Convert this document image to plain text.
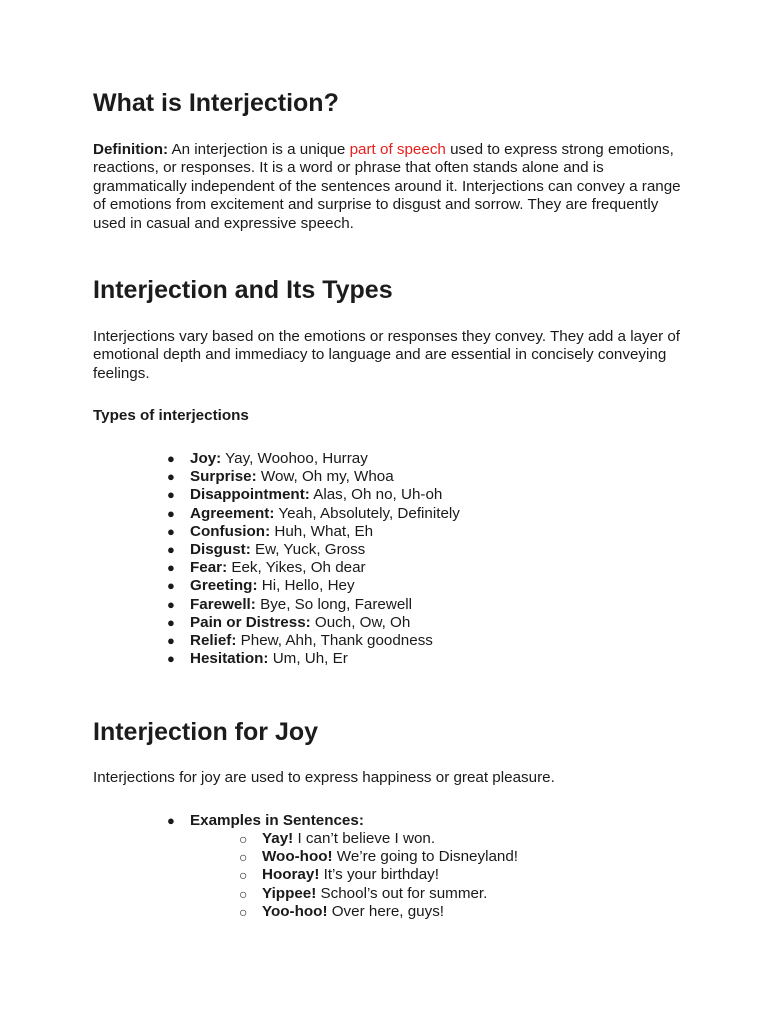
What is Interjection?

Definition: An interjection is a unique part of speech used to express strong emotions, reactions, or responses. It is a word or phrase that often stands alone and is grammatically independent of the sentences around it. Interjections can convey a range of emotions from excitement and surprise to disgust and sorrow. They are frequently used in casual and expressive speech.

Interjection and Its Types

Interjections vary based on the emotions or responses they convey. They add a layer of emotional depth and immediacy to language and are essential in concisely conveying feelings.

Types of interjections

● Joy: Yay, Woohoo, Hurray
● Surprise: Wow, Oh my, Whoa
● Disappointment: Alas, Oh no, Uh-oh
● Agreement: Yeah, Absolutely, Definitely
● Confusion: Huh, What, Eh
● Disgust: Ew, Yuck, Gross
● Fear: Eek, Yikes, Oh dear
● Greeting: Hi, Hello, Hey
● Farewell: Bye, So long, Farewell
● Pain or Distress: Ouch, Ow, Oh
● Relief: Phew, Ahh, Thank goodness
● Hesitation: Um, Uh, Er
Interjection for Joy

Interjections for joy are used to express happiness or great pleasure.

● Examples in Sentences:
○ Yay! I can’t believe I won.
○ Woo-hoo! We’re going to Disneyland!
○ Hooray! It’s your birthday!
○ Yippee! School’s out for summer.
○ Yoo-hoo! Over here, guys!
